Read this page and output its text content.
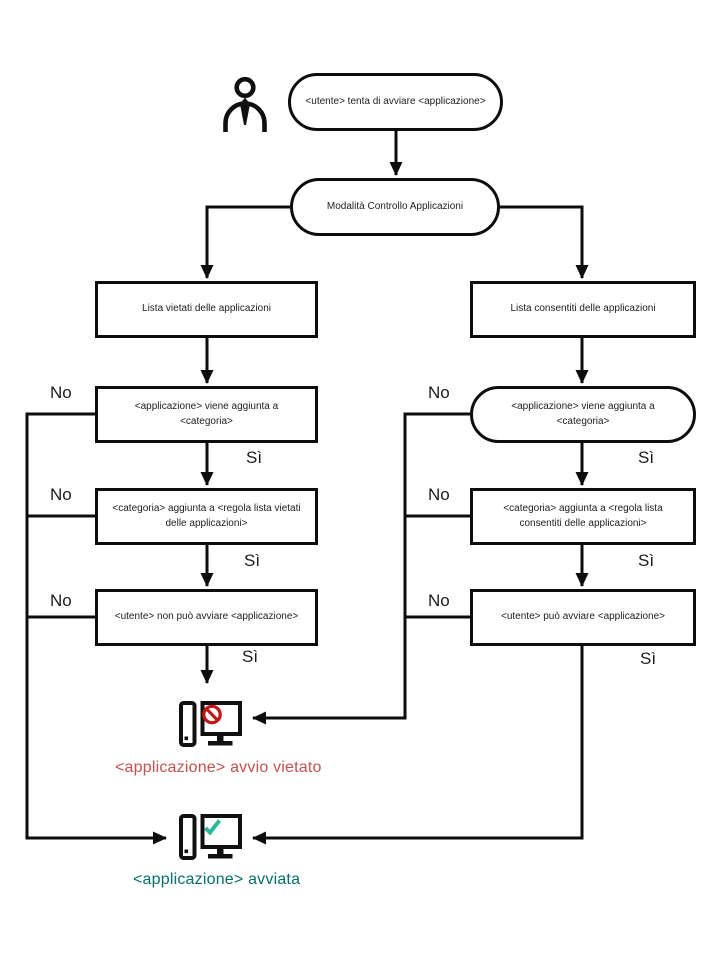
<utente> tenta di avviare <applicazione>
Modalità Controllo Applicazioni
Lista vietati delle applicazioni
<applicazione> viene aggiunta a <categoria>
<categoria> aggiunta a <regola lista vietati delle applicazioni>
<utente> non può avviare <applicazione>
Lista consentiti delle applicazioni
<applicazione> viene aggiunta a <categoria>
<categoria> aggiunta a <regola lista consentiti delle applicazioni>
<utente> può avviare <applicazione>
No
No
No
Sì
Sì
Sì
No
No
No
Sì
Sì
Sì
<applicazione> avvio vietato
<applicazione> avviata
